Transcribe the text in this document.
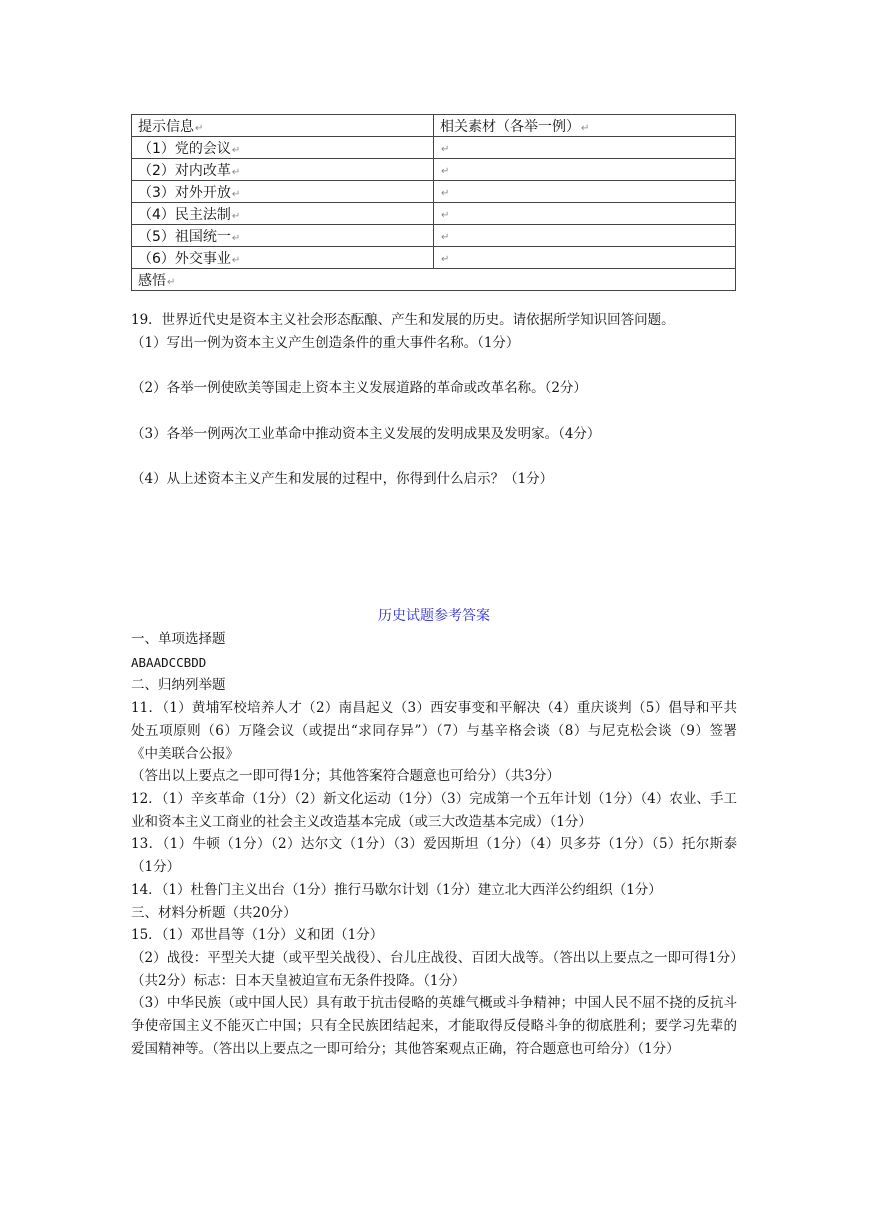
提示信息↵	相关素材（各举一例）↵
（1）党的会议↵	↵
（2）对内改革↵	↵
（3）对外开放↵	↵
（4）民主法制↵	↵
（5）祖国统一↵	↵
（6）外交事业↵	↵
感悟↵	
19．世界近代史是资本主义社会形态酝酿、产生和发展的历史。请依据所学知识回答问题。
（1）写出一例为资本主义产生创造条件的重大事件名称。（1分）
（2）各举一例使欧美等国走上资本主义发展道路的革命或改革名称。（2分）
（3）各举一例两次工业革命中推动资本主义发展的发明成果及发明家。（4分）
（4）从上述资本主义产生和发展的过程中，你得到什么启示？（1分）
历史试题参考答案
一、单项选择题
ABAADCCBDD
二、归纳列举题
11．（1）黄埔军校培养人才（2）南昌起义（3）西安事变和平解决（4）重庆谈判（5）倡导和平共处五项原则（6）万隆会议（或提出“求同存异”）（7）与基辛格会谈（8）与尼克松会谈（9）签署《中美联合公报》
（答出以上要点之一即可得1分；其他答案符合题意也可给分）（共3分）
12．（1）辛亥革命（1分）（2）新文化运动（1分）（3）完成第一个五年计划（1分）（4）农业、手工业和资本主义工商业的社会主义改造基本完成（或三大改造基本完成）（1分）
13．（1）牛顿（1分）（2）达尔文（1分）（3）爱因斯坦（1分）（4）贝多芬（1分）（5）托尔斯泰（1分）
14．（1）杜鲁门主义出台（1分）推行马歇尔计划（1分）建立北大西洋公约组织（1分）
三、材料分析题（共20分）
15．（1）邓世昌等（1分）义和团（1分）
（2）战役：平型关大捷（或平型关战役）、台儿庄战役、百团大战等。（答出以上要点之一即可得1分）（共2分）标志：日本天皇被迫宣布无条件投降。（1分）
（3）中华民族（或中国人民）具有敢于抗击侵略的英雄气概或斗争精神；中国人民不屈不挠的反抗斗争使帝国主义不能灭亡中国；只有全民族团结起来，才能取得反侵略斗争的彻底胜利；要学习先辈的爱国精神等。（答出以上要点之一即可给分；其他答案观点正确，符合题意也可给分）（1分）
